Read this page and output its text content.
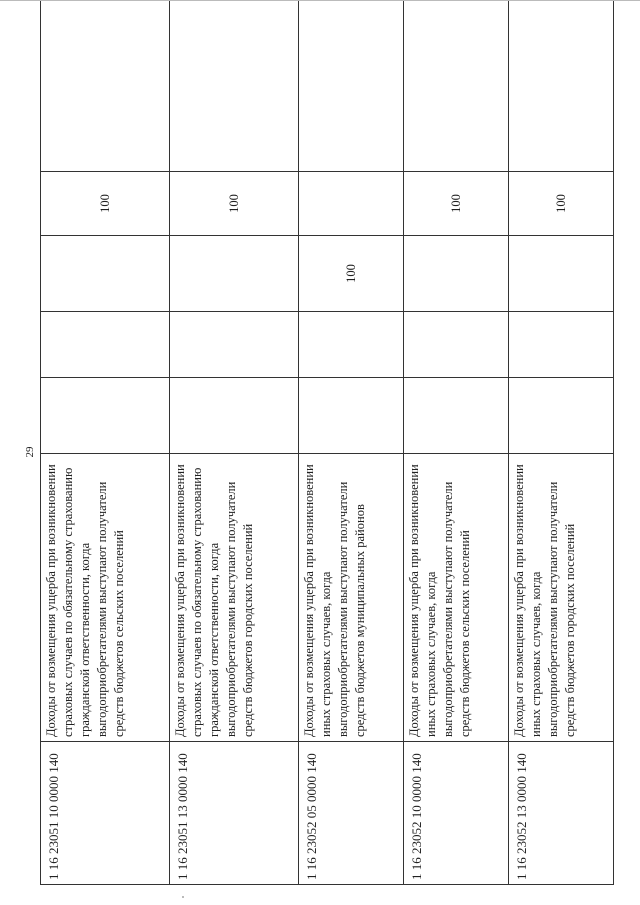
29
1 16 23051 10 0000 140	Доходы от возмещения ущерба при возникновении страховых случаев по обязательному страхованию гражданской ответственности, когда выгодоприобретателями выступают получатели средств бюджетов сельских поселений				100	
1 16 23051 13 0000 140	Доходы от возмещения ущерба при возникновении страховых случаев по обязательному страхованию гражданской ответственности, когда выгодоприобретателями выступают получатели средств бюджетов городских поселений				100	
1 16 23052 05 0000 140	Доходы от возмещения ущерба при возникновении иных страховых случаев, когда выгодоприобретателями выступают получатели средств бюджетов муниципальных районов			100		
1 16 23052 10 0000 140	Доходы от возмещения ущерба при возникновении иных страховых случаев, когда выгодоприобретателями выступают получатели средств бюджетов сельских поселений				100	
1 16 23052 13 0000 140	Доходы от возмещения ущерба при возникновении иных страховых случаев, когда выгодоприобретателями выступают получатели средств бюджетов городских поселений				100	
